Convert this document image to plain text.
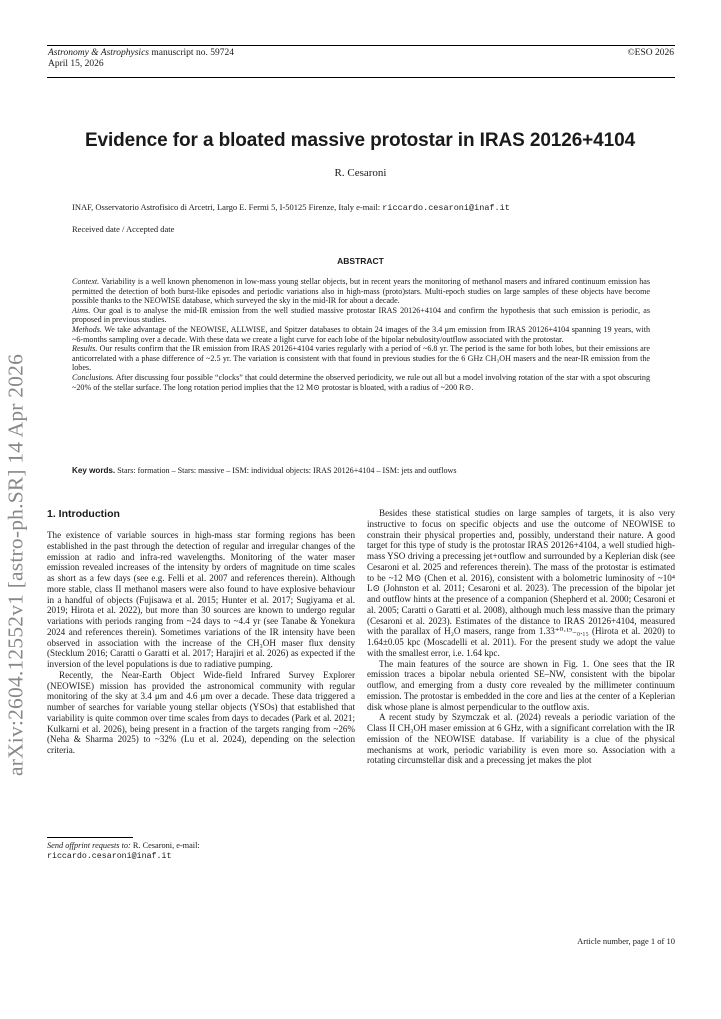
Astronomy & Astrophysics manuscript no. 59724
April 15, 2026
©ESO 2026
arXiv:2604.12552v1 [astro-ph.SR] 14 Apr 2026
Evidence for a bloated massive protostar in IRAS 20126+4104
R. Cesaroni
INAF, Osservatorio Astrofisico di Arcetri, Largo E. Fermi 5, I-50125 Firenze, Italy e-mail: riccardo.cesaroni@inaf.it
Received date / Accepted date
ABSTRACT

Context. Variability is a well known phenomenon in low-mass young stellar objects, but in recent years the monitoring of methanol masers and infrared continuum emission has permitted the detection of both burst-like episodes and periodic variations also in high-mass (proto)stars. Multi-epoch studies on large samples of these objects have become possible thanks to the NEOWISE database, which surveyed the sky in the mid-IR for about a decade.

Aims. Our goal is to analyse the mid-IR emission from the well studied massive protostar IRAS 20126+4104 and confirm the hypothesis that such emission is periodic, as proposed in previous studies.

Methods. We take advantage of the NEOWISE, ALLWISE, and Spitzer databases to obtain 24 images of the 3.4 μm emission from IRAS 20126+4104 spanning 19 years, with ~6-months sampling over a decade. With these data we create a light curve for each lobe of the bipolar nebulosity/outflow associated with the protostar.

Results. Our results confirm that the IR emission from IRAS 20126+4104 varies regularly with a period of ~6.8 yr. The period is the same for both lobes, but their emissions are anticorrelated with a phase difference of ~2.5 yr. The variation is consistent with that found in previous studies for the 6 GHz CH₃OH masers and the near-IR emission from the lobes.

Conclusions. After discussing four possible “clocks” that could determine the observed periodicity, we rule out all but a model involving rotation of the star with a spot obscuring ~20% of the stellar surface. The long rotation period implies that the 12 M⊙ protostar is bloated, with a radius of ~200 R⊙.

Key words. Stars: formation – Stars: massive – ISM: individual objects: IRAS 20126+4104 – ISM: jets and outflows
1. Introduction

The existence of variable sources in high-mass star forming regions has been established in the past through the detection of regular and irregular changes of the emission at radio and infra-red wavelengths. Monitoring of the water maser emission revealed increases of the intensity by orders of magnitude on time scales as short as a few days (see e.g. Felli et al. 2007 and references therein). Although more stable, class II methanol masers were also found to have explosive behaviour in a handful of objects (Fujisawa et al. 2015; Hunter et al. 2017; Sugiyama et al. 2019; Hirota et al. 2022), but more than 30 sources are known to undergo regular variations with periods ranging from ~24 days to ~4.4 yr (see Tanabe & Yonekura 2024 and references therein). Sometimes variations of the IR intensity have been observed in association with the increase of the CH₃OH maser flux density (Stecklum 2016; Caratti o Garatti et al. 2017; Harajiri et al. 2026) as expected if the inversion of the level populations is due to radiative pumping.

Recently, the Near-Earth Object Wide-field Infrared Survey Explorer (NEOWISE) mission has provided the astronomical community with regular monitoring of the sky at 3.4 μm and 4.6 μm over a decade. These data triggered a number of searches for variable young stellar objects (YSOs) that established that variability is quite common over time scales from days to decades (Park et al. 2021; Kulkarni et al. 2026), being present in a fraction of the targets ranging from ~26% (Neha & Sharma 2025) to ~32% (Lu et al. 2024), depending on the selection criteria.

Besides these statistical studies on large samples of targets, it is also very instructive to focus on specific objects and use the outcome of NEOWISE to constrain their physical properties and, possibly, understand their nature. A good target for this type of study is the protostar IRAS 20126+4104, a well studied high-mass YSO driving a precessing jet+outflow and surrounded by a Keplerian disk (see Cesaroni et al. 2025 and references therein). The mass of the protostar is estimated to be ~12 M⊙ (Chen et al. 2016), consistent with a bolometric luminosity of ~10⁴ L⊙ (Johnston et al. 2011; Cesaroni et al. 2023). The precession of the bipolar jet and outflow hints at the presence of a companion (Shepherd et al. 2000; Cesaroni et al. 2005; Caratti o Garatti et al. 2008), although much less massive than the primary (Cesaroni et al. 2023). Estimates of the distance to IRAS 20126+4104, measured with the parallax of H₂O masers, range from 1.33⁺⁰·¹⁹₋₀.₁₅ (Hirota et al. 2020) to 1.64±0.05 kpc (Moscadelli et al. 2011). For the present study we adopt the value with the smallest error, i.e. 1.64 kpc.

The main features of the source are shown in Fig. 1. One sees that the IR emission traces a bipolar nebula oriented SE–NW, consistent with the bipolar outflow, and emerging from a dusty core revealed by the millimeter continuum emission. The protostar is embedded in the core and lies at the center of a Keplerian disk whose plane is almost perpendicular to the outflow axis.

A recent study by Szymczak et al. (2024) reveals a periodic variation of the Class II CH₃OH maser emission at 6 GHz, with a significant correlation with the IR emission of the NEOWISE database. If variability is a clue of the physical mechanisms at work, periodic variability is even more so. Association with a rotating circumstellar disk and a precessing jet makes the plot

Send offprint requests to: R. Cesaroni, e-mail:
riccardo.cesaroni@inaf.it
Article number, page 1 of 10
